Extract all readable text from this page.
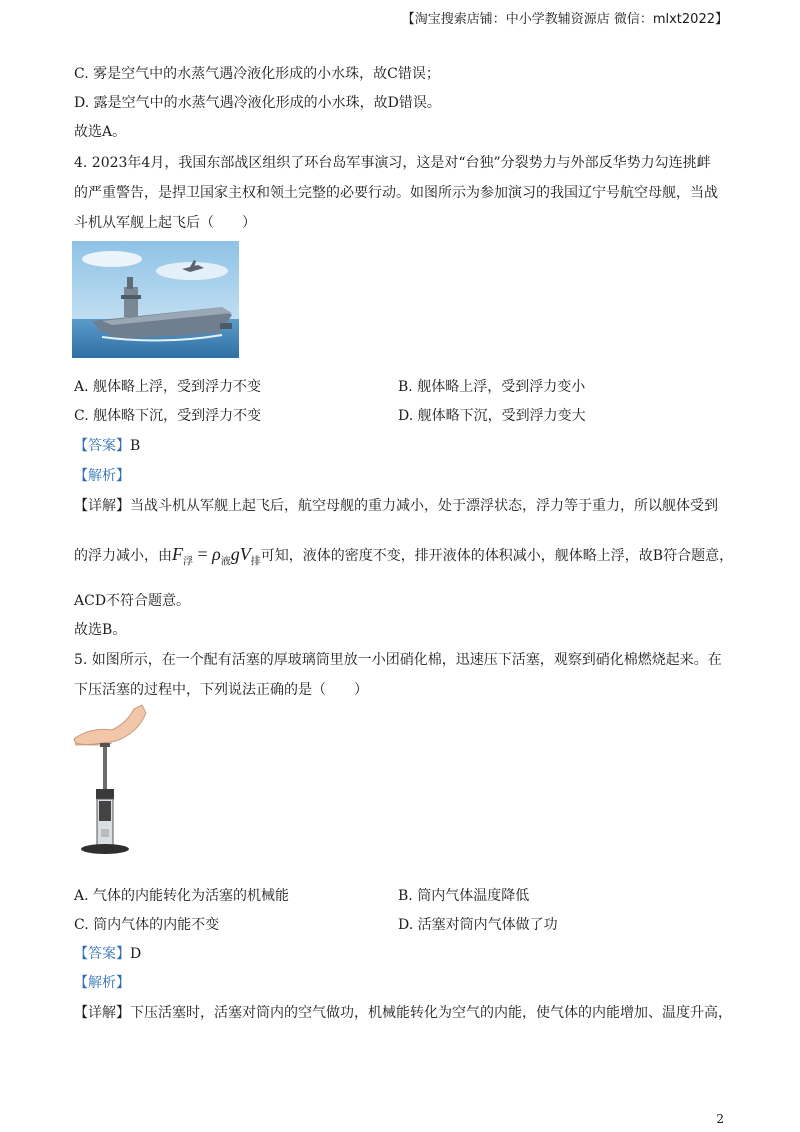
【淘宝搜索店铺：中小学教辅资源店 微信：mlxt2022】
C. 雾是空气中的水蒸气遇冷液化形成的小水珠，故C错误；
D. 露是空气中的水蒸气遇冷液化形成的小水珠，故D错误。
故选A。
4. 2023年4月，我国东部战区组织了环台岛军事演习，这是对“台独”分裂势力与外部反华势力勾连挑衅
的严重警告，是捍卫国家主权和领土完整的必要行动。如图所示为参加演习的我国辽宁号航空母舰，当战
斗机从军舰上起飞后（　　）
A. 舰体略上浮，受到浮力不变	B. 舰体略上浮，受到浮力变小
C. 舰体略下沉，受到浮力不变	D. 舰体略下沉，受到浮力变大
【答案】B
【解析】
【详解】当战斗机从军舰上起飞后，航空母舰的重力减小，处于漂浮状态，浮力等于重力，所以舰体受到
的浮力减小，由$F_浮 = \rho_液gV_排$可知，液体的密度不变，排开液体的体积减小，舰体略上浮，故B符合题意，
ACD不符合题意。
故选B。
5. 如图所示，在一个配有活塞的厚玻璃筒里放一小团硝化棉，迅速压下活塞，观察到硝化棉燃烧起来。在
下压活塞的过程中，下列说法正确的是（　　）
A. 气体的内能转化为活塞的机械能	B. 筒内气体温度降低
C. 筒内气体的内能不变	D. 活塞对筒内气体做了功
【答案】D
【解析】
【详解】下压活塞时，活塞对筒内的空气做功，机械能转化为空气的内能，使气体的内能增加、温度升高，
2
